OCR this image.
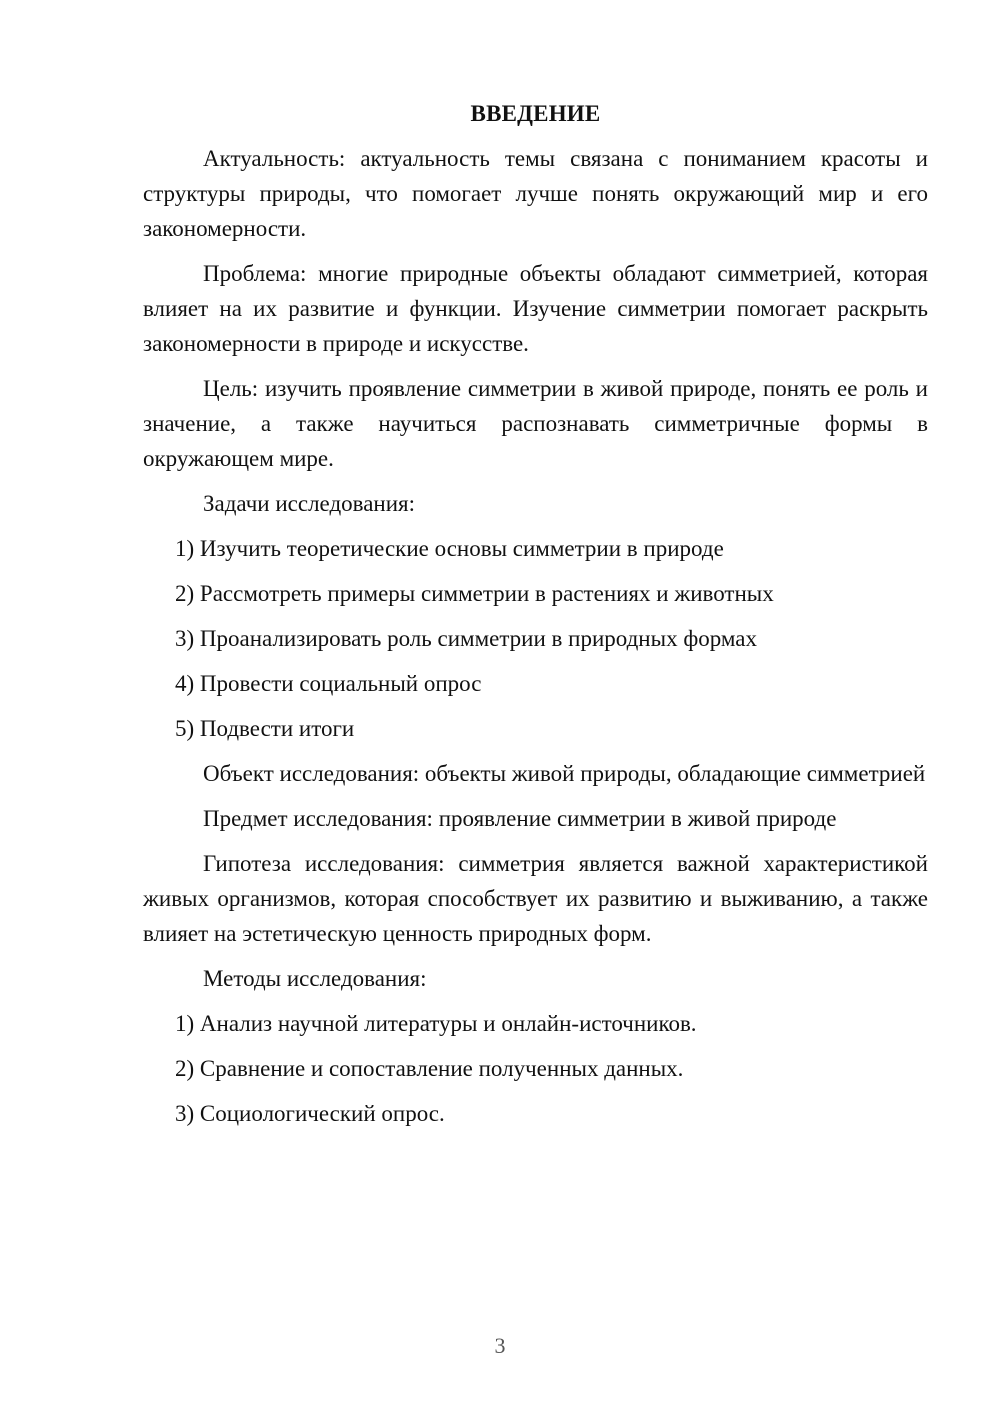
ВВЕДЕНИЕ
Актуальность: актуальность темы связана с пониманием красоты и структуры природы, что помогает лучше понять окружающий мир и его закономерности.
Проблема: многие природные объекты обладают симметрией, которая влияет на их развитие и функции. Изучение симметрии помогает раскрыть закономерности в природе и искусстве.
Цель: изучить проявление симметрии в живой природе, понять ее роль и значение, а также научиться распознавать симметричные формы в окружающем мире.
Задачи исследования:
1) Изучить теоретические основы симметрии в природе
2) Рассмотреть примеры симметрии в растениях и животных
3) Проанализировать роль симметрии в природных формах
4) Провести социальный опрос
5) Подвести итоги
Объект исследования: объекты живой природы, обладающие симметрией
Предмет исследования: проявление симметрии в живой природе
Гипотеза исследования: симметрия является важной характеристикой живых организмов, которая способствует их развитию и выживанию, а также влияет на эстетическую ценность природных форм.
Методы исследования:
1) Анализ научной литературы и онлайн-источников.
2) Сравнение и сопоставление полученных данных.
3) Социологический опрос.
3
